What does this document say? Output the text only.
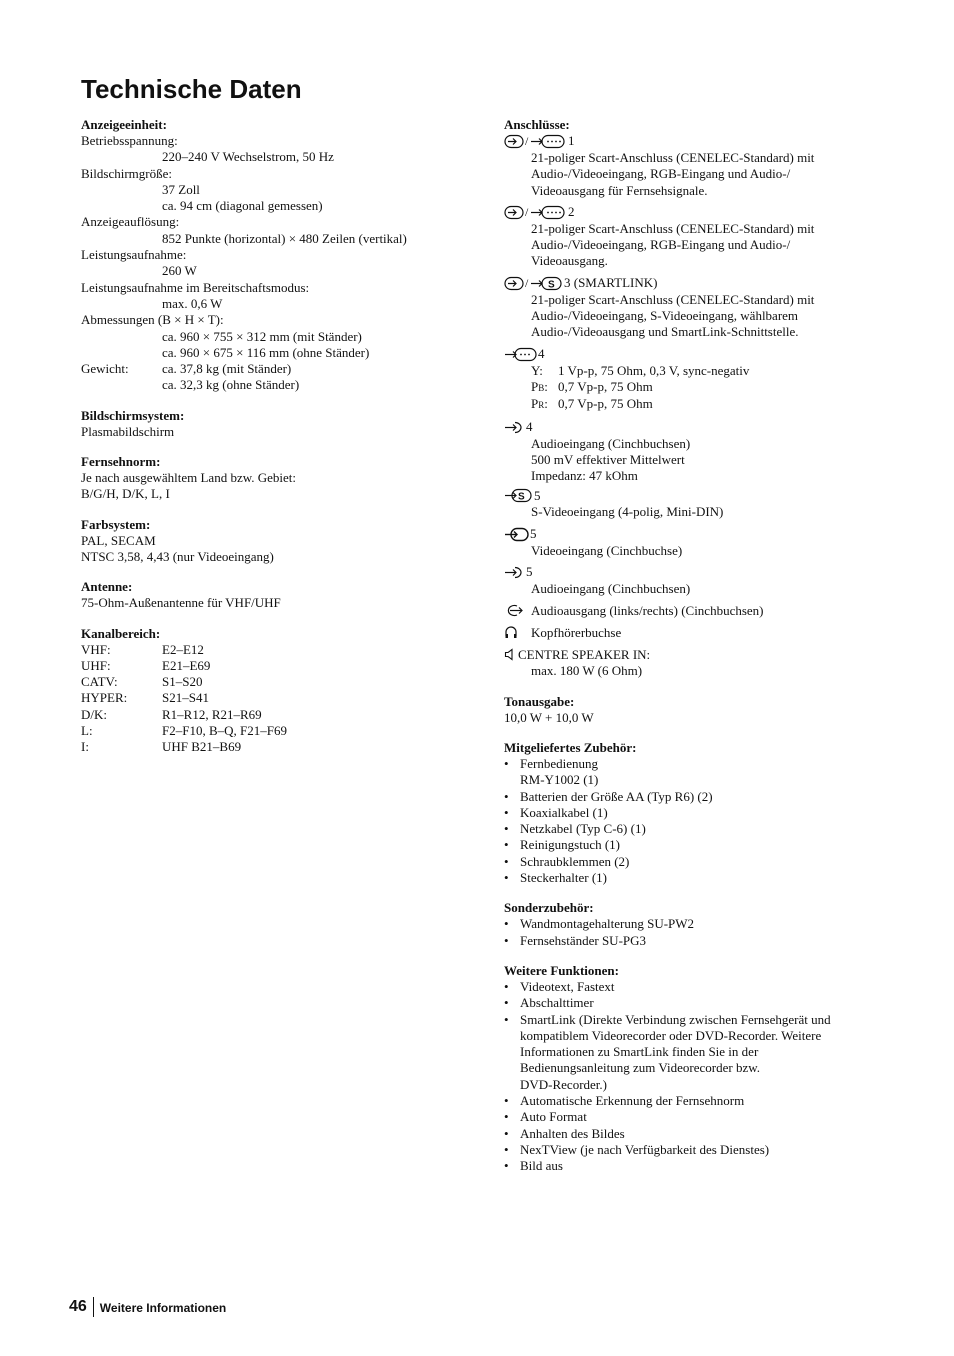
Technische Daten
Anzeigeeinheit:
Betriebsspannung:
220–240 V Wechselstrom, 50 Hz
Bildschirmgröße:
37 Zoll
ca. 94 cm (diagonal gemessen)
Anzeigeauflösung:
852 Punkte (horizontal) × 480 Zeilen (vertikal)
Leistungsaufnahme:
260 W
Leistungsaufnahme im Bereitschaftsmodus:
max. 0,6 W
Abmessungen (B × H × T):
ca. 960 × 755 × 312 mm (mit Ständer)
ca. 960 × 675 × 116 mm (ohne Ständer)
Gewicht:	ca. 37,8 kg (mit Ständer)
ca. 32,3 kg (ohne Ständer)
Bildschirmsystem:
Plasmabildschirm
Fernsehnorm:
Je nach ausgewähltem Land bzw. Gebiet:
B/G/H, D/K, L, I
Farbsystem:
PAL, SECAM
NTSC 3,58, 4,43 (nur Videoeingang)
Antenne:
75-Ohm-Außenantenne für VHF/UHF
Kanalbereich:
VHF:	E2–E12
UHF:	E21–E69
CATV:	S1–S20
HYPER:	S21–S41
D/K:	R1–R12, R21–R69
L:	F2–F10, B–Q, F21–F69
I:	UHF B21–B69
Anschlüsse:
/	1
21-poliger Scart-Anschluss (CENELEC-Standard) mit
Audio-/Videoeingang, RGB-Eingang und Audio-/
Videoausgang für Fernsehsignale.
/	2
21-poliger Scart-Anschluss (CENELEC-Standard) mit
Audio-/Videoeingang, RGB-Eingang und Audio-/
Videoausgang.
/ S 3 (SMARTLINK)
21-poliger Scart-Anschluss (CENELEC-Standard) mit
Audio-/Videoeingang, S-Videoeingang, wählbarem
Audio-/Videoausgang und SmartLink-Schnittstelle.
4
Y:	1 Vp-p, 75 Ohm, 0,3 V, sync-negativ
PB: 0,7 Vp-p, 75 Ohm
PR: 0,7 Vp-p, 75 Ohm
4
Audioeingang (Cinchbuchsen)
500 mV effektiver Mittelwert
Impedanz: 47 kOhm
S 5
S-Videoeingang (4-polig, Mini-DIN)
5
Videoeingang (Cinchbuchse)
5
Audioeingang (Cinchbuchsen)
Audioausgang (links/rechts) (Cinchbuchsen)
Kopfhörerbuchse
CENTRE SPEAKER IN:
max. 180 W (6 Ohm)
Tonausgabe:
10,0 W + 10,0 W
Mitgeliefertes Zubehör:
• Fernbedienung
RM-Y1002 (1)
• Batterien der Größe AA (Typ R6) (2)
• Koaxialkabel (1)
• Netzkabel (Typ C-6) (1)
• Reinigungstuch (1)
• Schraubklemmen (2)
• Steckerhalter (1)
Sonderzubehör:
• Wandmontagehalterung SU-PW2
• Fernsehständer SU-PG3
Weitere Funktionen:
• Videotext, Fastext
• Abschalttimer
• SmartLink (Direkte Verbindung zwischen Fernsehgerät und
kompatiblem Videorecorder oder DVD-Recorder. Weitere
Informationen zu SmartLink finden Sie in der
Bedienungsanleitung zum Videorecorder bzw.
DVD-Recorder.)
• Automatische Erkennung der Fernsehnorm
• Auto Format
• Anhalten des Bildes
• NexTView (je nach Verfügbarkeit des Dienstes)
• Bild aus
46 Weitere Informationen
